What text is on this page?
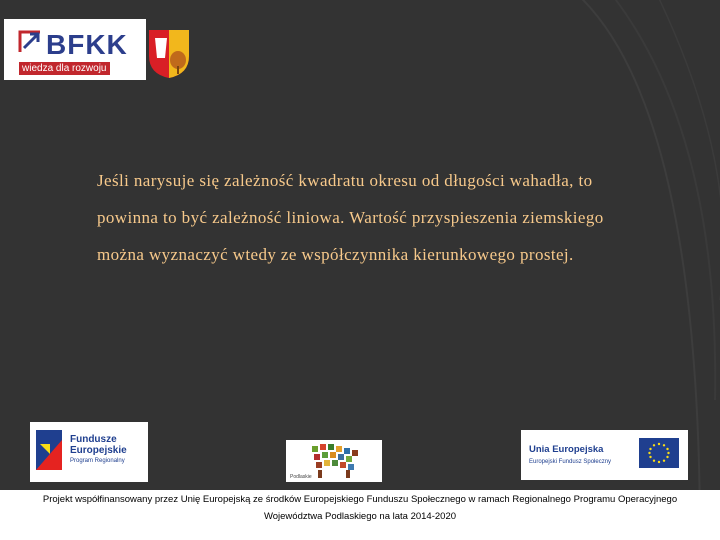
BFKK
wiedza dla rozwoju
Jeśli narysuje się zależność kwadratu okresu od długości wahadła, to powinna to być zależność liniowa. Wartość przyspieszenia ziemskiego można wyznaczyć wtedy ze współczynnika kierunkowego prostej.
Fundusze
Europejskie
Program Regionalny
Podlaskie
Unia Europejska
Europejski Fundusz Społeczny
Projekt współfinansowany przez Unię Europejską ze środków Europejskiego Funduszu Społecznego w ramach Regionalnego Programu Operacyjnego
Województwa Podlaskiego na lata 2014-2020
